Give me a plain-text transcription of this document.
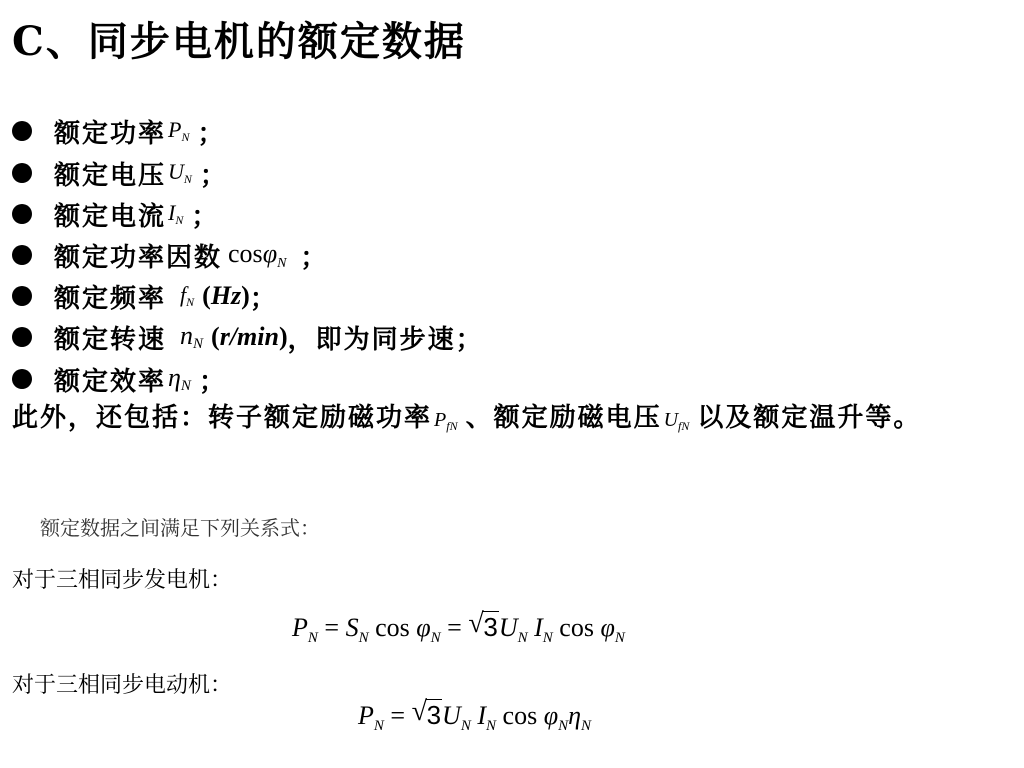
C、同步电机的额定数据
额定功率 $P_N$ ；
额定电压 $U_N$ ；
额定电流 $I_N$ ；
额定功率因数 cosφ$_N$ ；
额定频率 $f_N$ (Hz) ；
额定转速 $n_N$ (r/min) ，即为同步速；
额定效率 $\eta_N$ ；
此外，还包括：转子额定励磁功率 $P_{fN}$ 、额定励磁电压 $U_{fN}$ 以及额定温升等。
额定数据之间满足下列关系式：
对于三相同步发电机：
$P_N = S_N$ $\cos \varphi_N$ = √ $3U_N$ $I_N$ $\cos \varphi_N$
对于三相同步电动机：
$P_N$ = √ $3U_N$ $I_N$ $\cos \varphi_N\eta_N$
